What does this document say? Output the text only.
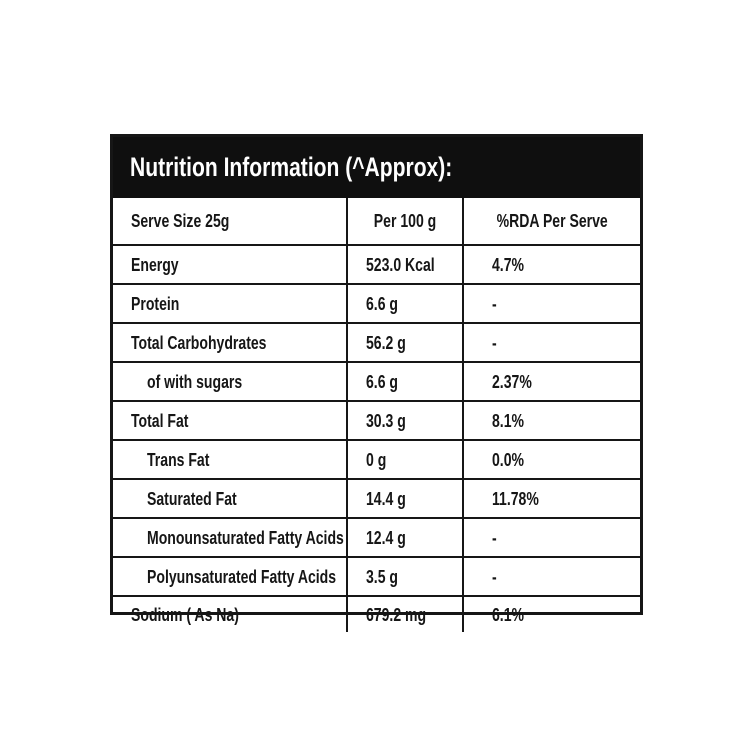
Nutrition Information (^Approx):
Serve Size 25g	Per 100 g	%RDA Per Serve
Energy	523.0 Kcal	4.7%
Protein	6.6 g	-
Total Carbohydrates	56.2 g	-
of with sugars	6.6 g	2.37%
Total Fat	30.3 g	8.1%
Trans Fat	0 g	0.0%
Saturated Fat	14.4 g	11.78%
Monounsaturated Fatty Acids 12.4 g	-
Polyunsaturated Fatty Acids 3.5 g	-
Sodium ( As Na)	679.2 mg	6.1%
